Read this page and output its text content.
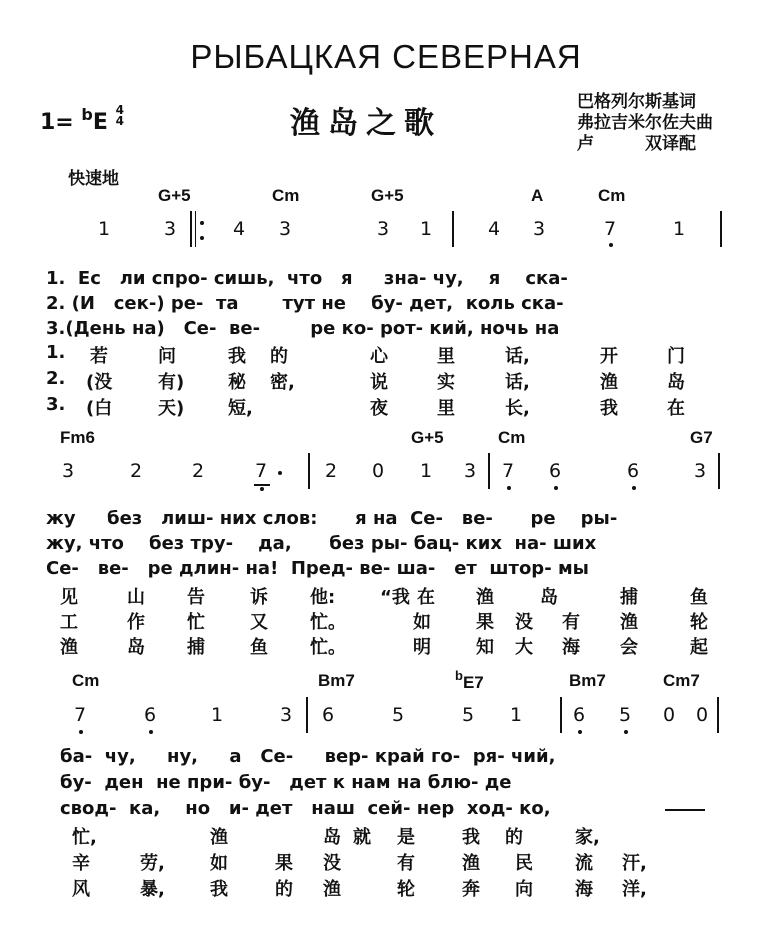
РЫБАЦКАЯ СЕВЕРНАЯ
1= $^b$E 4
4	渔岛之歌
巴格列尔斯基词
弗拉吉米尔佐夫曲
卢　　　双译配
快速地
G+5	Cm	G+5	A	Cm
1	3	4 3	3 1	4 3	7	1
1. Ес ли спро- сишь, что я зна- чу, я ска-
2. (И сек-) ре- та тут не бу- дет, коль ска-
3.(День на) Се- ве-	ре ко- рот- кий, ночь на
1. 若	问	我 的	心	里	话,	开	门
2. (没	有) 秘 密,	说	实	话,	渔	岛
3. (白	天) 短,	夜	里	长,	我	在
Fm6	G+5	Cm	G7
3	2	2	7	2 0 1 3 7 6	6	3
жу без лиш- них слов: я на Се- ве- ре ры-
жу, что без тру- да, без ры- бац- ких на- ших
Се- ве- ре длин- на! Пред- ве- ша- ет штор- мы
见	山 告	诉 他: “我 在 渔	岛	捕	鱼
工	作 忙	又 忙。	如	果 没 有 渔	轮
渔	岛 捕	鱼 忙。	明	知 大 海 会	起
Cm	Bm7	$^b$E7	Bm7	Cm7
7	6	1	3 6	5	5 1	6 5 0 0
ба- чу, ну, а Се- вер- край го- ря- чий,
бу- ден не при- бу- дет к нам на блю- де
свод- ка, но и- дет наш сей- нер ход- ко,
忙,	渔	岛 就 是	我 的	家,
辛	劳,	如	果 没	有	渔 民 流 汗,
风	暴,	我	的 渔	轮	奔 向 海 洋,
